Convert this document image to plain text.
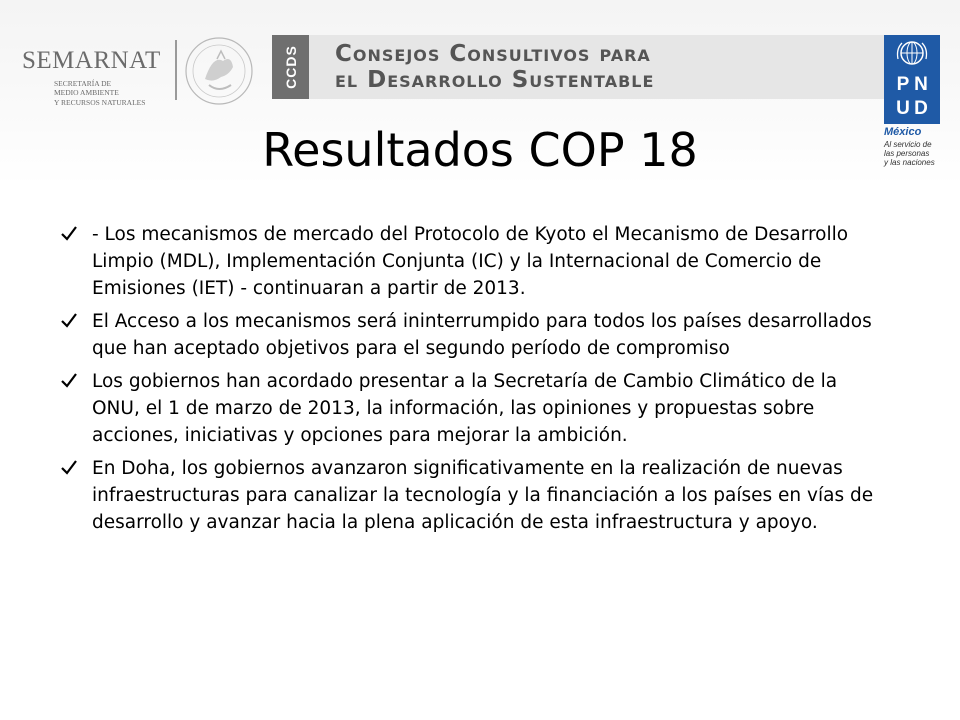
SEMARNAT
SECRETARÍA DE
MEDIO AMBIENTE
Y RECURSOS NATURALES
CCDS Consejos Consultivos para
el Desarrollo Sustentable	P N
U D
México
Al servicio de
las personas
y las naciones
Resultados COP 18
- Los mecanismos de mercado del Protocolo de Kyoto el Mecanismo de Desarrollo Limpio (MDL), Implementación Conjunta (IC) y la Internacional de Comercio de Emisiones (IET) - continuaran a partir de 2013.
El Acceso a los mecanismos será ininterrumpido para todos los países desarrollados que han aceptado objetivos para el segundo período de compromiso
Los gobiernos han acordado presentar a la Secretaría de Cambio Climático de la ONU, el 1 de marzo de 2013, la información, las opiniones y propuestas sobre acciones, iniciativas y opciones para mejorar la ambición.
En Doha, los gobiernos avanzaron significativamente en la realización de nuevas infraestructuras para canalizar la tecnología y la financiación a los países en vías de desarrollo y avanzar hacia la plena aplicación de esta infraestructura y apoyo.
